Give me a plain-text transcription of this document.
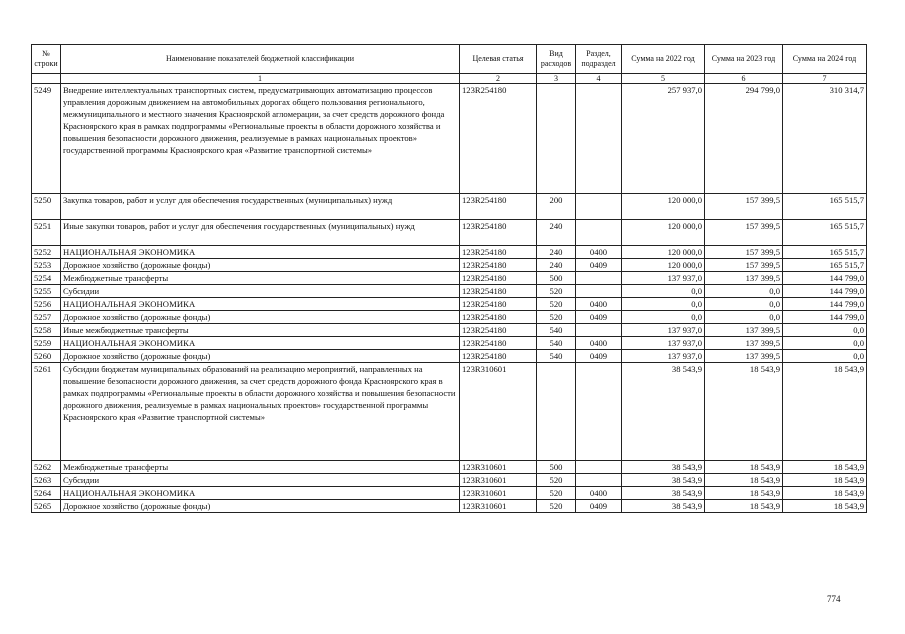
№ строки	Наименование показателей бюджетной классификации	Целевая статья	Вид расходов	Раздел, подраздел	Сумма на 2022 год	Сумма на 2023 год	Сумма на 2024 год
	1	2	3	4	5	6	7
5249	Внедрение интеллектуальных транспортных систем, предусматривающих автоматизацию процессов управления дорожным движением на автомобильных дорогах общего пользования регионального, межмуниципального и местного значения Красноярской агломерации, за счет средств дорожного фонда Красноярского края в рамках подпрограммы «Региональные проекты в области дорожного хозяйства и повышения безопасности дорожного движения, реализуемые в рамках национальных проектов» государственной программы Красноярского края «Развитие транспортной системы»	123R254180			257 937,0	294 799,0	310 314,7
5250	Закупка товаров, работ и услуг для обеспечения государственных (муниципальных) нужд	123R254180	200		120 000,0	157 399,5	165 515,7
5251	Иные закупки товаров, работ и услуг для обеспечения государственных (муниципальных) нужд	123R254180	240		120 000,0	157 399,5	165 515,7
5252	НАЦИОНАЛЬНАЯ ЭКОНОМИКА	123R254180	240	0400	120 000,0	157 399,5	165 515,7
5253	Дорожное хозяйство (дорожные фонды)	123R254180	240	0409	120 000,0	157 399,5	165 515,7
5254	Межбюджетные трансферты	123R254180	500		137 937,0	137 399,5	144 799,0
5255	Субсидии	123R254180	520		0,0	0,0	144 799,0
5256	НАЦИОНАЛЬНАЯ ЭКОНОМИКА	123R254180	520	0400	0,0	0,0	144 799,0
5257	Дорожное хозяйство (дорожные фонды)	123R254180	520	0409	0,0	0,0	144 799,0
5258	Иные межбюджетные трансферты	123R254180	540		137 937,0	137 399,5	0,0
5259	НАЦИОНАЛЬНАЯ ЭКОНОМИКА	123R254180	540	0400	137 937,0	137 399,5	0,0
5260	Дорожное хозяйство (дорожные фонды)	123R254180	540	0409	137 937,0	137 399,5	0,0
5261	Субсидии бюджетам муниципальных образований на реализацию мероприятий, направленных на повышение безопасности дорожного движения, за счет средств дорожного фонда Красноярского края в рамках подпрограммы «Региональные проекты в области дорожного хозяйства и повышения безопасности дорожного движения, реализуемые в рамках национальных проектов» государственной программы Красноярского края «Развитие транспортной системы»	123R310601			38 543,9	18 543,9	18 543,9
5262	Межбюджетные трансферты	123R310601	500		38 543,9	18 543,9	18 543,9
5263	Субсидии	123R310601	520		38 543,9	18 543,9	18 543,9
5264	НАЦИОНАЛЬНАЯ ЭКОНОМИКА	123R310601	520	0400	38 543,9	18 543,9	18 543,9
5265	Дорожное хозяйство (дорожные фонды)	123R310601	520	0409	38 543,9	18 543,9	18 543,9
774
